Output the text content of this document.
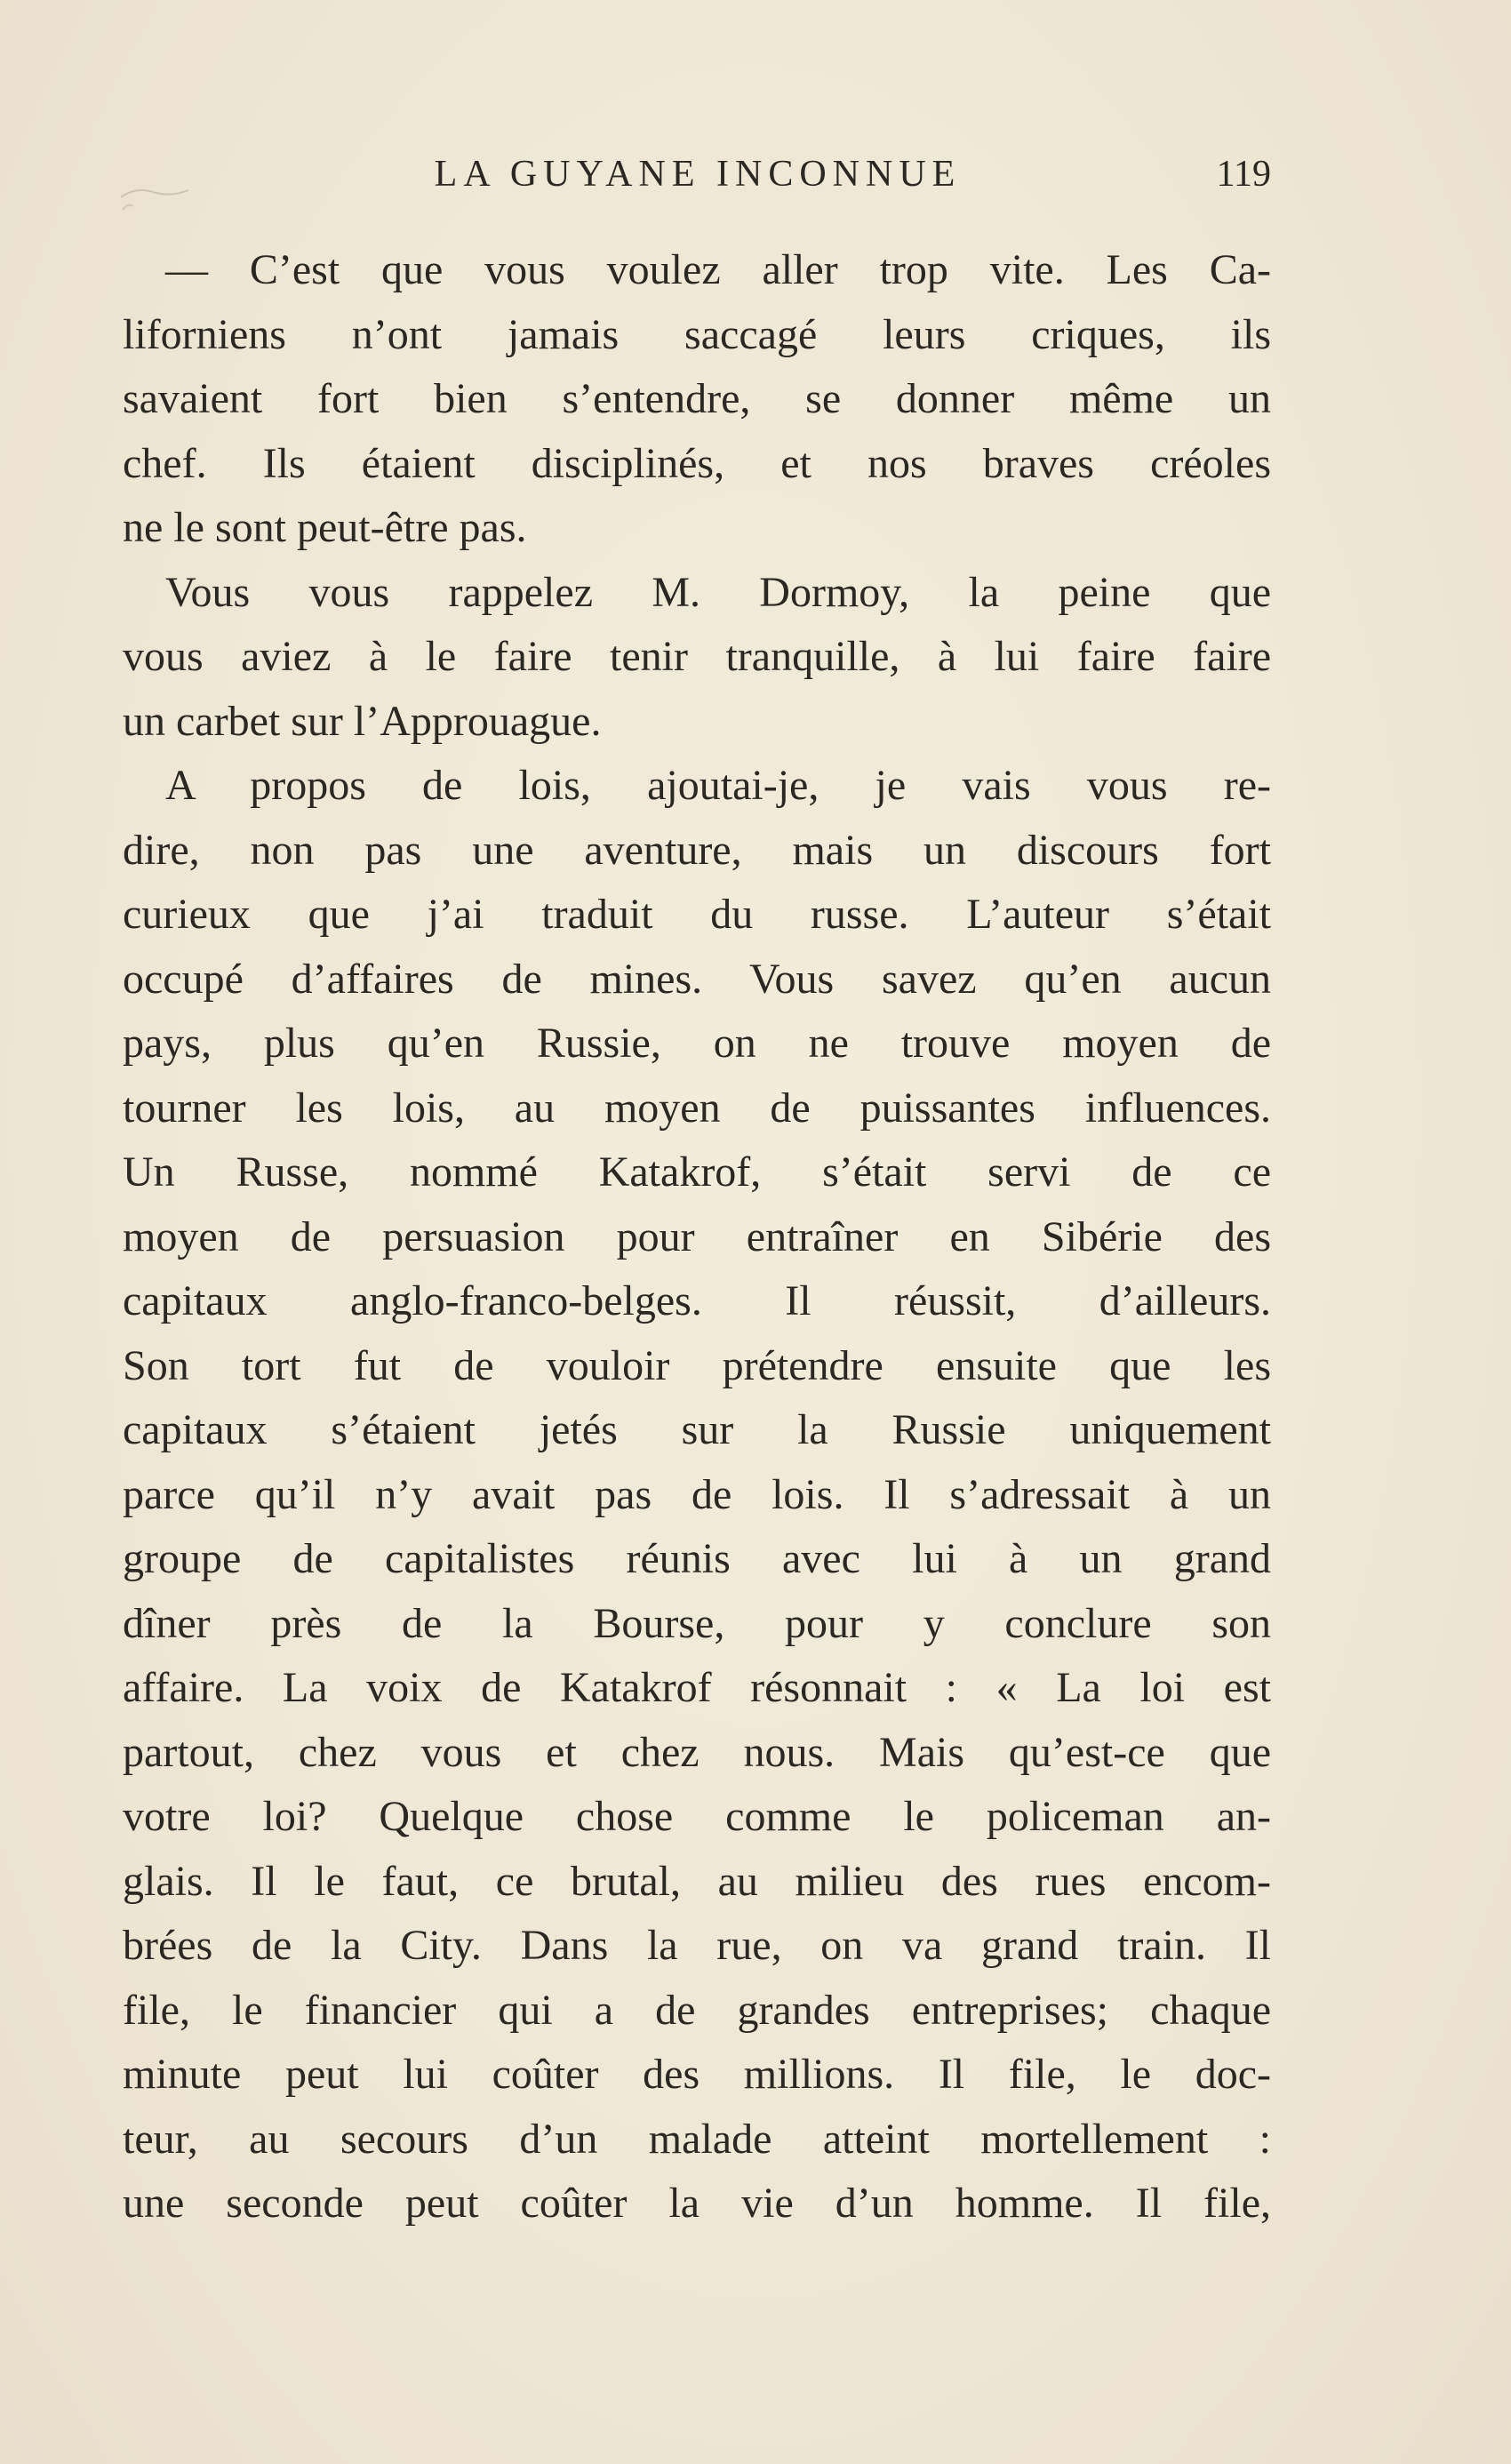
LA GUYANE INCONNUE	119
— C’est que vous voulez aller trop vite. Les Ca-
liforniens n’ont jamais saccagé leurs criques, ils
savaient fort bien s’entendre, se donner même un
chef. Ils étaient disciplinés, et nos braves créoles
ne le sont peut-être pas.
Vous vous rappelez M. Dormoy, la peine que
vous aviez à le faire tenir tranquille, à lui faire faire
un carbet sur l’Approuague.
A propos de lois, ajoutai-je, je vais vous re-
dire, non pas une aventure, mais un discours fort
curieux que j’ai traduit du russe. L’auteur s’était
occupé d’affaires de mines. Vous savez qu’en aucun
pays, plus qu’en Russie, on ne trouve moyen de
tourner les lois, au moyen de puissantes influences.
Un Russe, nommé Katakrof, s’était servi de ce
moyen de persuasion pour entraîner en Sibérie des
capitaux anglo-franco-belges. Il réussit, d’ailleurs.
Son tort fut de vouloir prétendre ensuite que les
capitaux s’étaient jetés sur la Russie uniquement
parce qu’il n’y avait pas de lois. Il s’adressait à un
groupe de capitalistes réunis avec lui à un grand
dîner près de la Bourse, pour y conclure son
affaire. La voix de Katakrof résonnait : « La loi est
partout, chez vous et chez nous. Mais qu’est-ce que
votre loi? Quelque chose comme le policeman an-
glais. Il le faut, ce brutal, au milieu des rues encom-
brées de la City. Dans la rue, on va grand train. Il
file, le financier qui a de grandes entreprises; chaque
minute peut lui coûter des millions. Il file, le doc-
teur, au secours d’un malade atteint mortellement :
une seconde peut coûter la vie d’un homme. Il file,
